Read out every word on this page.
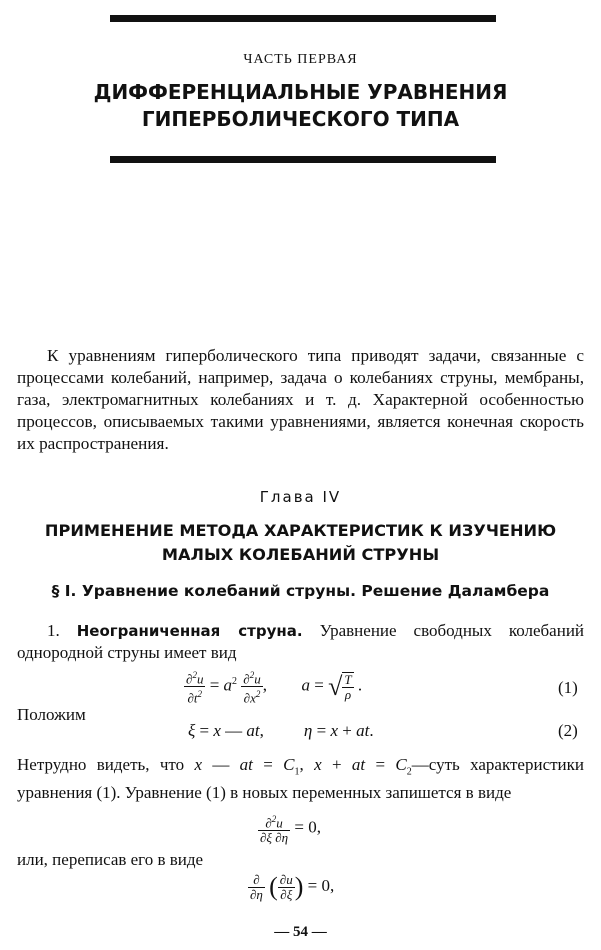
ЧАСТЬ ПЕРВАЯ
ДИФФЕРЕНЦИАЛЬНЫЕ УРАВНЕНИЯ
ГИПЕРБОЛИЧЕСКОГО ТИПА

К уравнениям гиперболического типа приводят задачи, связанные с процессами колебаний, например, задача о колебаниях струны, мембраны, газа, электромагнитных колебаниях и т. д. Характерной особенностью процессов, описываемых такими уравнениями, является конечная скорость их распространения.

Глава IV
ПРИМЕНЕНИЕ МЕТОДА ХАРАКТЕРИСТИК К ИЗУЧЕНИЮ
МАЛЫХ КОЛЕБАНИЙ СТРУНЫ
§ I. Уравнение колебаний струны. Решение Даламбера
1. Неограниченная струна. Уравнение свободных колебаний однородной струны имеет вид
$\frac{\partial^2u}{\partial t^2} = a^2 \frac{\partial^2u}{\partial x^2}$ , a = √ $\frac{T}{\rho}$ .	(1)
Положим
ξ = x — at, η = x + at.	(2)
Нетрудно видеть, что x — at = $C_1$, x + at = $C_2—суть$ характеристики уравнения (1). Уравнение (1) в новых переменных запишется в виде
$\frac{\partial^2u}{\partial\xi \partial\eta} = 0$,
или, переписав его в виде
$\frac{\partial}{\partial\eta}$ ( $\frac{\partial u}{\partial\xi}$ ) = 0,
— 54 —
